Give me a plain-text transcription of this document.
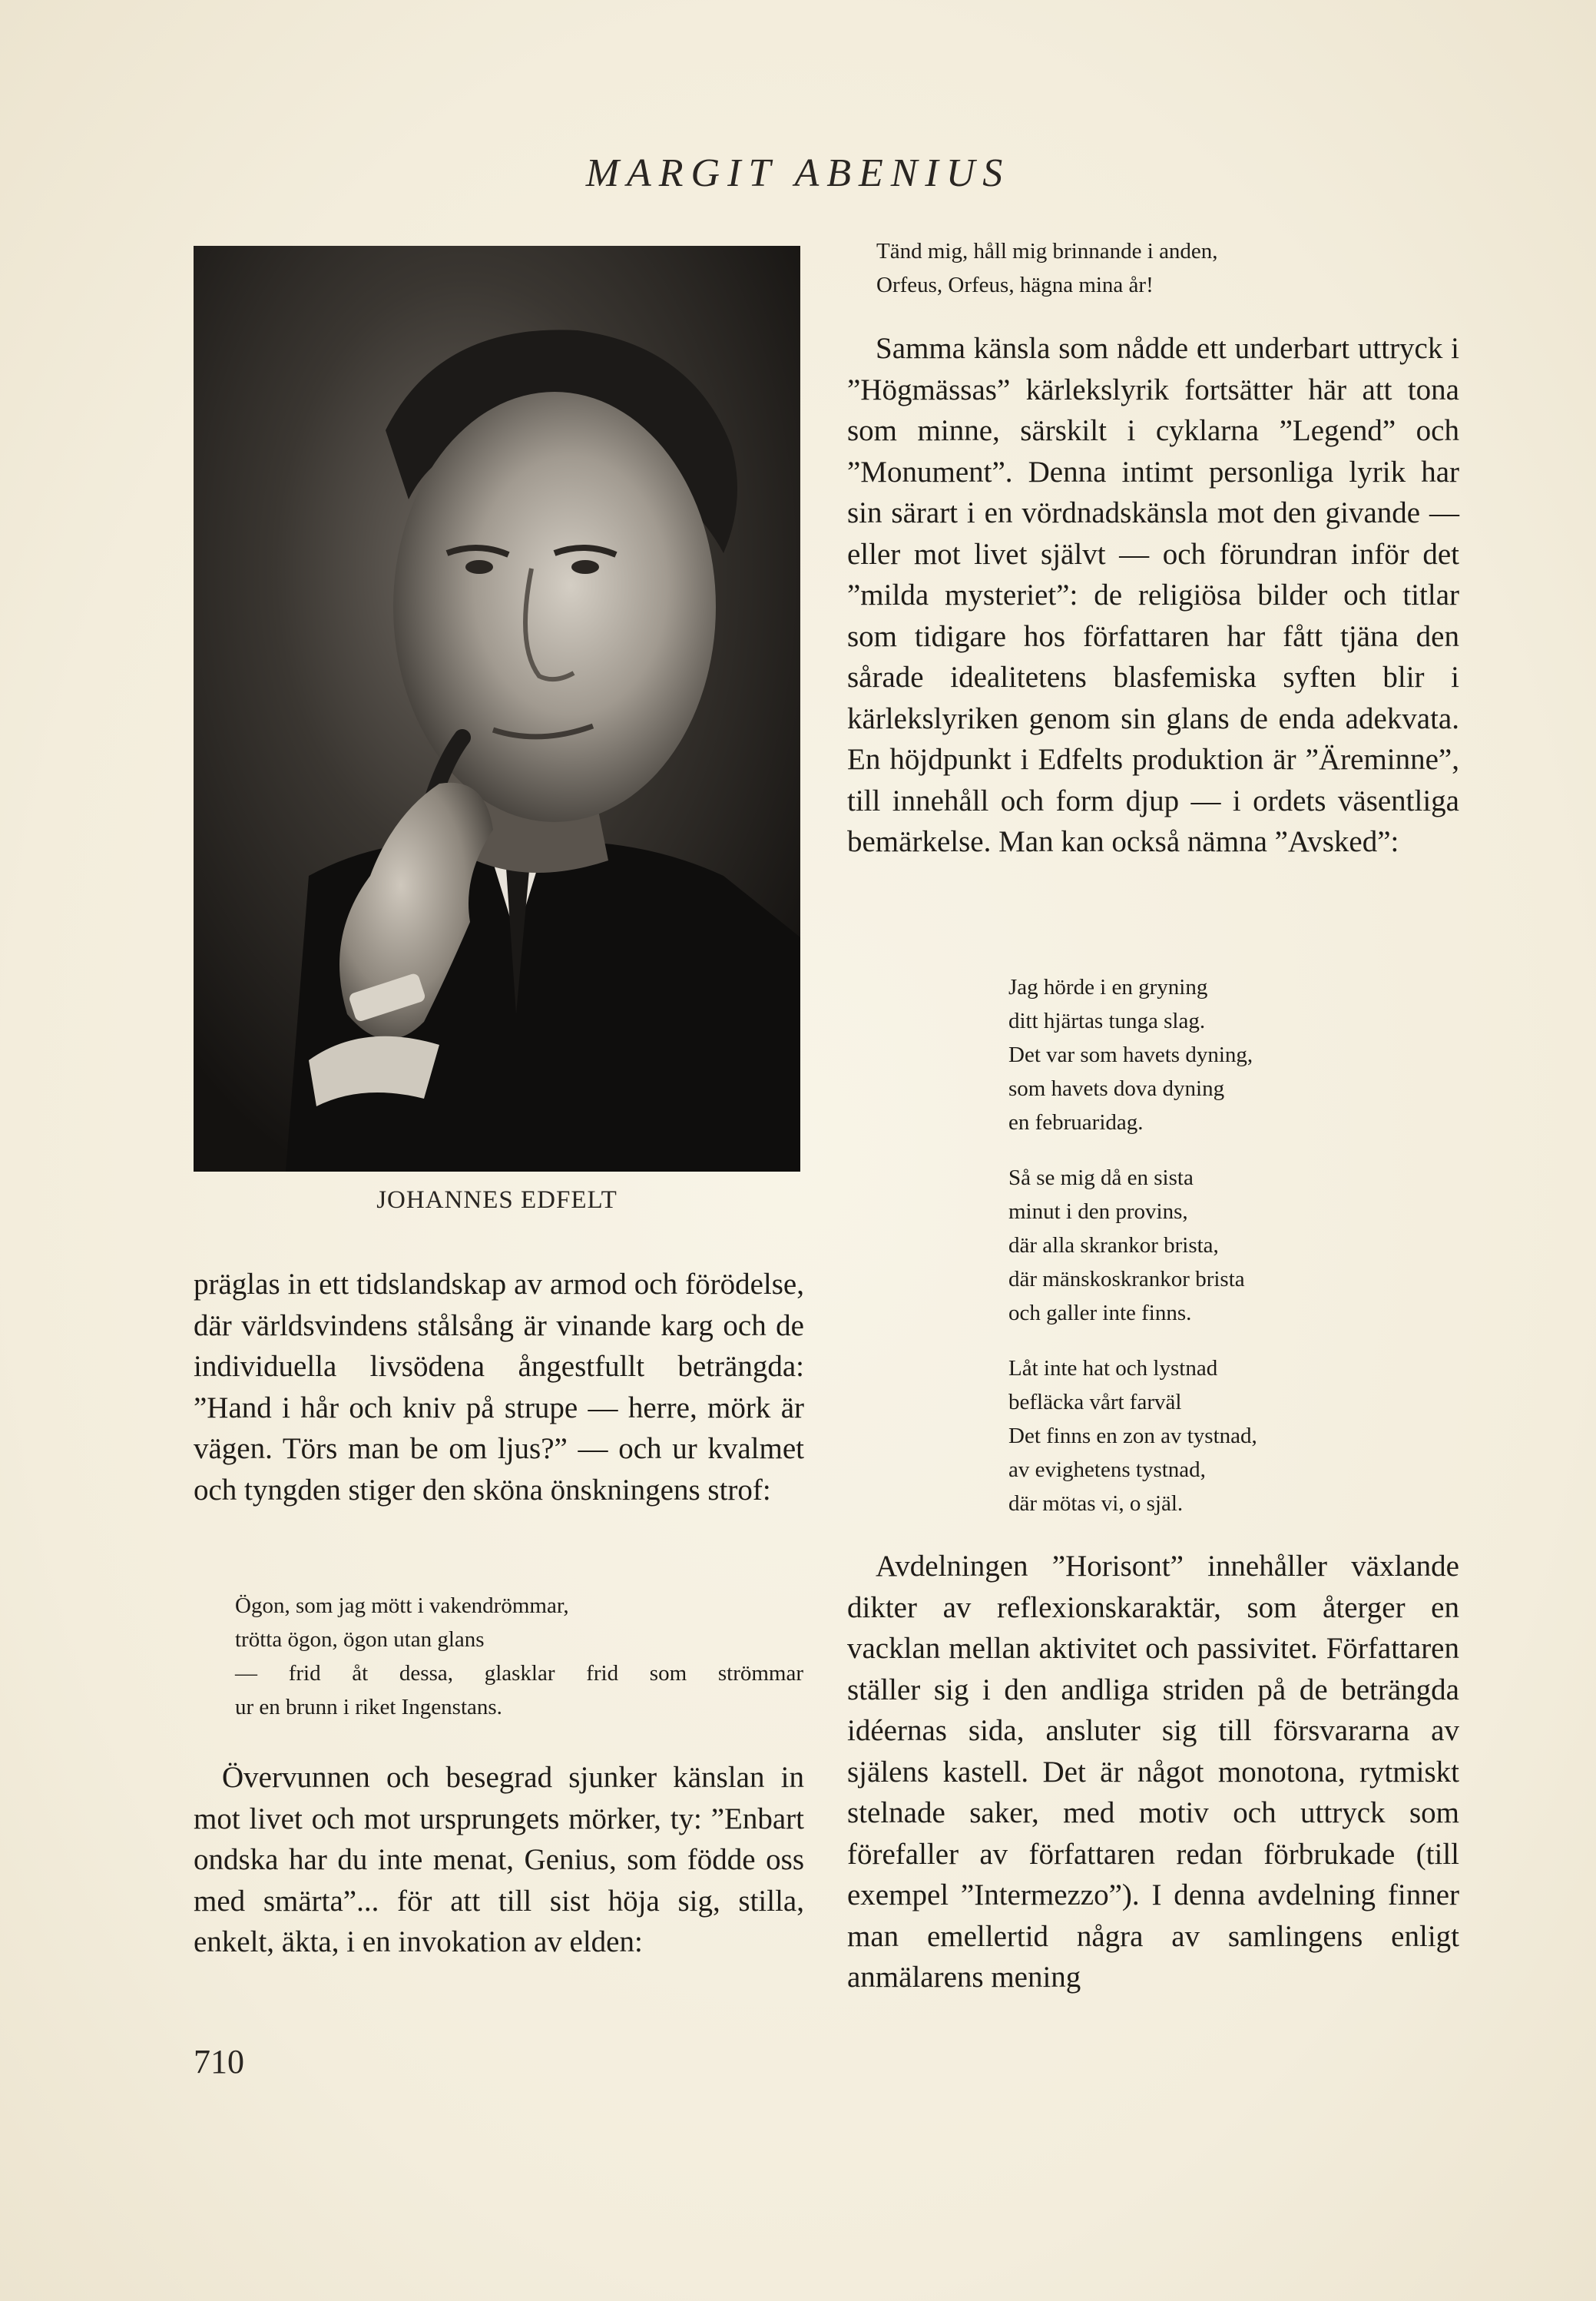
MARGIT ABENIUS
JOHANNES EDFELT
Tänd mig, håll mig brinnande i anden,
Orfeus, Orfeus, hägna mina år!

Samma känsla som nådde ett underbart uttryck i ”Högmässas” kärlekslyrik fortsätter här att tona som minne, särskilt i cyklarna ”Legend” och ”Monument”. Denna intimt personliga lyrik har sin särart i en vördnadskänsla mot den givande — eller mot livet självt — och förundran inför det ”milda mysteriet”: de religiösa bilder och titlar som tidigare hos författaren har fått tjäna den sårade idealitetens blasfemiska syften blir i kärlekslyriken genom sin glans de enda adekvata. En höjdpunkt i Edfelts produktion är ”Äreminne”, till innehåll och form djup — i ordets väsentliga bemärkelse. Man kan också nämna ”Avsked”:

Jag hörde i en gryning
ditt hjärtas tunga slag.
Det var som havets dyning,
som havets dova dyning
en februaridag.
Så se mig då en sista
minut i den provins,
där alla skrankor brista,
där mänskoskrankor brista
och galler inte finns.
Låt inte hat och lystnad
befläcka vårt farväl
Det finns en zon av tystnad,
av evighetens tystnad,
där mötas vi, o själ.

Avdelningen ”Horisont” innehåller växlande dikter av reflexionskaraktär, som återger en vacklan mellan aktivitet och passivitet. Författaren ställer sig i den andliga striden på de beträngda idéernas sida, ansluter sig till försvararna av själens kastell. Det är något monotona, rytmiskt stelnade saker, med motiv och uttryck som förefaller av författaren redan förbrukade (till exempel ”Intermezzo”). I denna avdelning finner man emellertid några av samlingens enligt anmälarens mening

präglas in ett tidslandskap av armod och förödelse, där världsvindens stålsång är vinande karg och de individuella livsödena ångestfullt beträngda: ”Hand i hår och kniv på strupe — herre, mörk är vägen. Törs man be om ljus?” — och ur kvalmet och tyngden stiger den sköna önskningens strof:

Ögon, som jag mött i vakendrömmar,
trötta ögon, ögon utan glans
— frid åt dessa, glasklar frid som strömmar
ur en brunn i riket Ingenstans.

Övervunnen och besegrad sjunker känslan in mot livet och mot ursprungets mörker, ty: ”Enbart ondska har du inte menat, Genius, som födde oss med smärta”... för att till sist höja sig, stilla, enkelt, äkta, i en invokation av elden:

710
